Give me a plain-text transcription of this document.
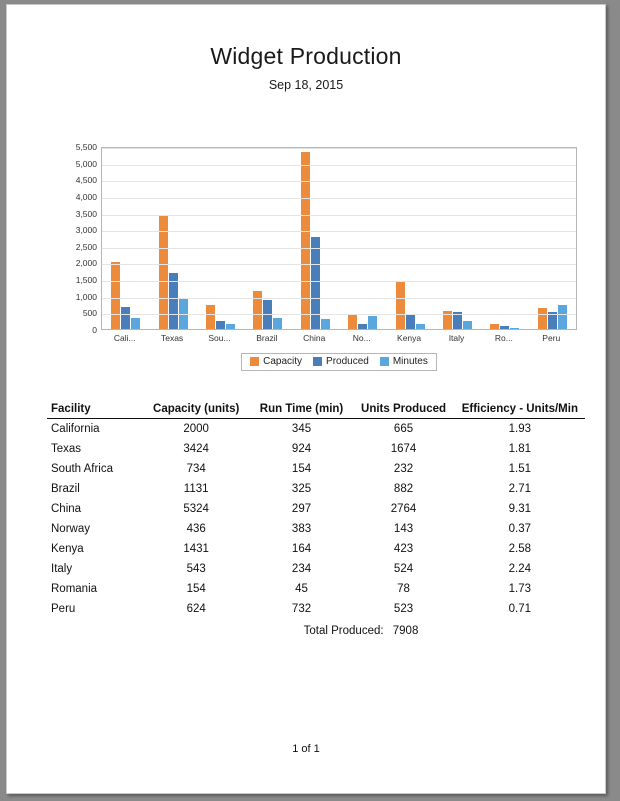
Widget Production
Sep 18, 2015
0
500
1,000
1,500
2,000
2,500
3,000
3,500
4,000
4,500
5,000
5,500
Capacity Produced Minutes
Cali...	Texas	Sou...	Brazil	China	No...	Kenya	Italy	Ro...	Peru
Facility	Capacity (units)	Run Time (min)	Units Produced	Efficiency - Units/Min
California	2000	345	665	1.93
Texas	3424	924	1674	1.81
South Africa	734	154	232	1.51
Brazil	1131	325	882	2.71
China	5324	297	2764	9.31
Norway	436	383	143	0.37
Kenya	1431	164	423	2.58
Italy	543	234	524	2.24
Romania	154	45	78	1.73
Peru	624	732	523	0.71
Total Produced: 7908
1 of 1
